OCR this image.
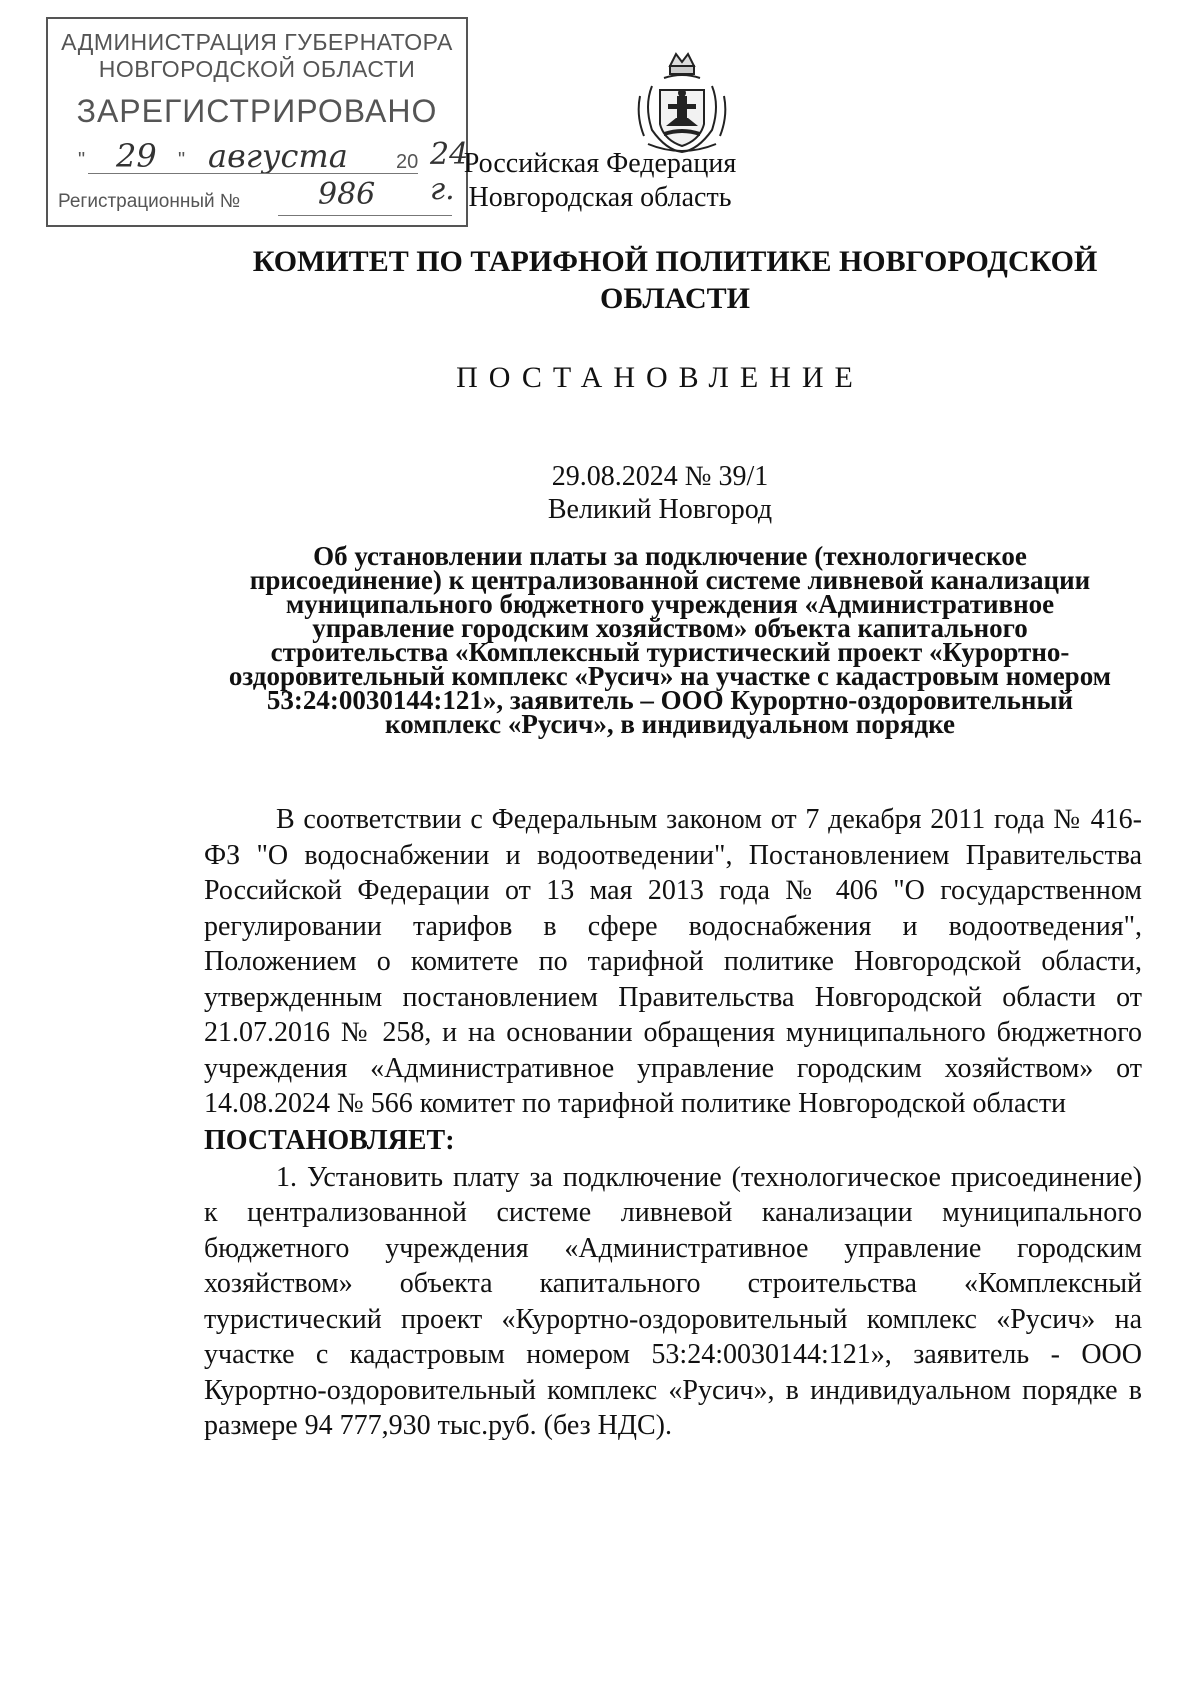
АДМИНИСТРАЦИЯ ГУБЕРНАТОРА
НОВГОРОДСКОЙ ОБЛАСТИ
ЗАРЕГИСТРИРОВАНО
" 29 " августа 20 24 г.
Регистрационный №	986
Российская Федерация
Новгородская область
КОМИТЕТ ПО ТАРИФНОЙ ПОЛИТИКЕ НОВГОРОДСКОЙ ОБЛАСТИ
ПОСТАНОВЛЕНИЕ
29.08.2024 № 39/1
Великий Новгород
Об установлении платы за подключение (технологическое
присоединение) к централизованной системе ливневой канализации
муниципального бюджетного учреждения «Административное
управление городским хозяйством» объекта капитального
строительства «Комплексный туристический проект «Курортно-
оздоровительный комплекс «Русич» на участке с кадастровым номером
53:24:0030144:121», заявитель – ООО Курортно-оздоровительный
комплекс «Русич», в индивидуальном порядке

В соответствии с Федеральным законом от 7 декабря 2011 года № 416-ФЗ "О водоснабжении и водоотведении", Постановлением Правительства Российской Федерации от 13 мая 2013 года № 406 "О государственном регулировании тарифов в сфере водоснабжения и водоотведения", Положением о комитете по тарифной политике Новгородской области, утвержденным постановлением Правительства Новгородской области от 21.07.2016 № 258, и на основании обращения муниципального бюджетного учреждения «Административное управление городским хозяйством» от 14.08.2024 № 566 комитет по тарифной политике Новгородской области

ПОСТАНОВЛЯЕТ:

1. Установить плату за подключение (технологическое присоединение) к централизованной системе ливневой канализации муниципального бюджетного учреждения «Административное управление городским хозяйством» объекта капитального строительства «Комплексный туристический проект «Курортно-оздоровительный комплекс «Русич» на участке с кадастровым номером 53:24:0030144:121», заявитель - ООО Курортно-оздоровительный комплекс «Русич», в индивидуальном порядке в размере 94 777,930 тыс.руб. (без НДС).
